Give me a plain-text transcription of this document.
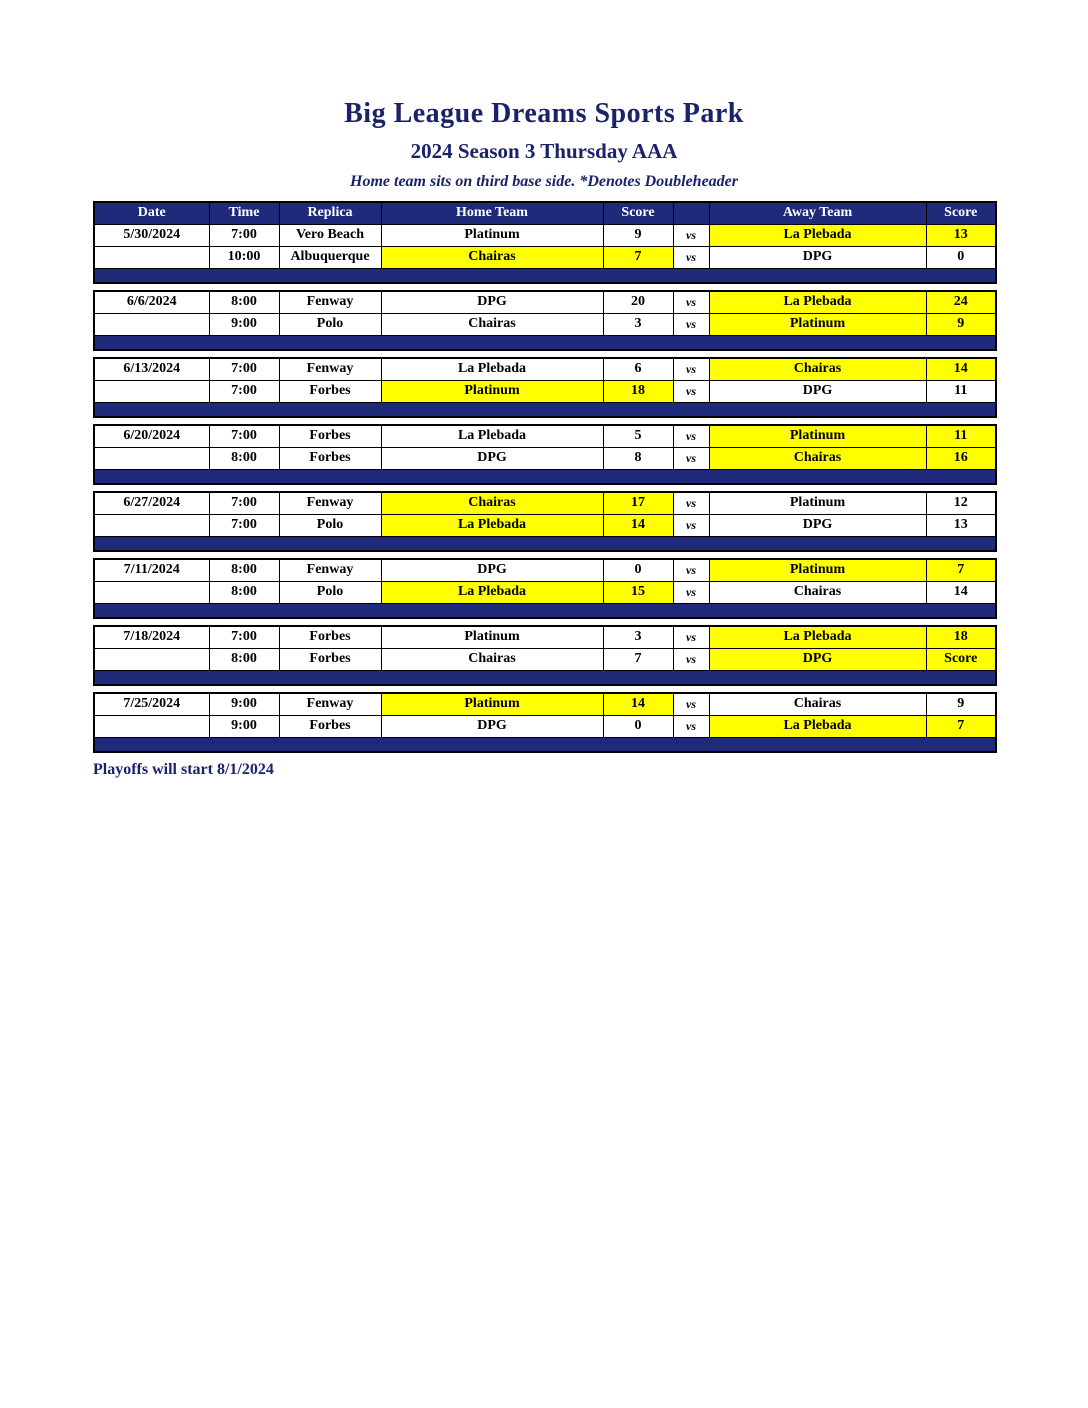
Big League Dreams Sports Park
2024 Season 3 Thursday AAA
Home team sits on third base side. *Denotes Doubleheader
Date	Time	Replica	Home Team	Score		Away Team	Score
5/30/2024	7:00	Vero Beach	Platinum	9	vs	La Plebada	13
	10:00	Albuquerque	Chairas	7	vs	DPG	0

6/6/2024	8:00	Fenway	DPG	20	vs	La Plebada	24
	9:00	Polo	Chairas	3	vs	Platinum	9

6/13/2024	7:00	Fenway	La Plebada	6	vs	Chairas	14
	7:00	Forbes	Platinum	18	vs	DPG	11

6/20/2024	7:00	Forbes	La Plebada	5	vs	Platinum	11
	8:00	Forbes	DPG	8	vs	Chairas	16

6/27/2024	7:00	Fenway	Chairas	17	vs	Platinum	12
	7:00	Polo	La Plebada	14	vs	DPG	13

7/11/2024	8:00	Fenway	DPG	0	vs	Platinum	7
	8:00	Polo	La Plebada	15	vs	Chairas	14

7/18/2024	7:00	Forbes	Platinum	3	vs	La Plebada	18
	8:00	Forbes	Chairas	7	vs	DPG	Score

7/25/2024	9:00	Fenway	Platinum	14	vs	Chairas	9
	9:00	Forbes	DPG	0	vs	La Plebada	7

Playoffs will start 8/1/2024
